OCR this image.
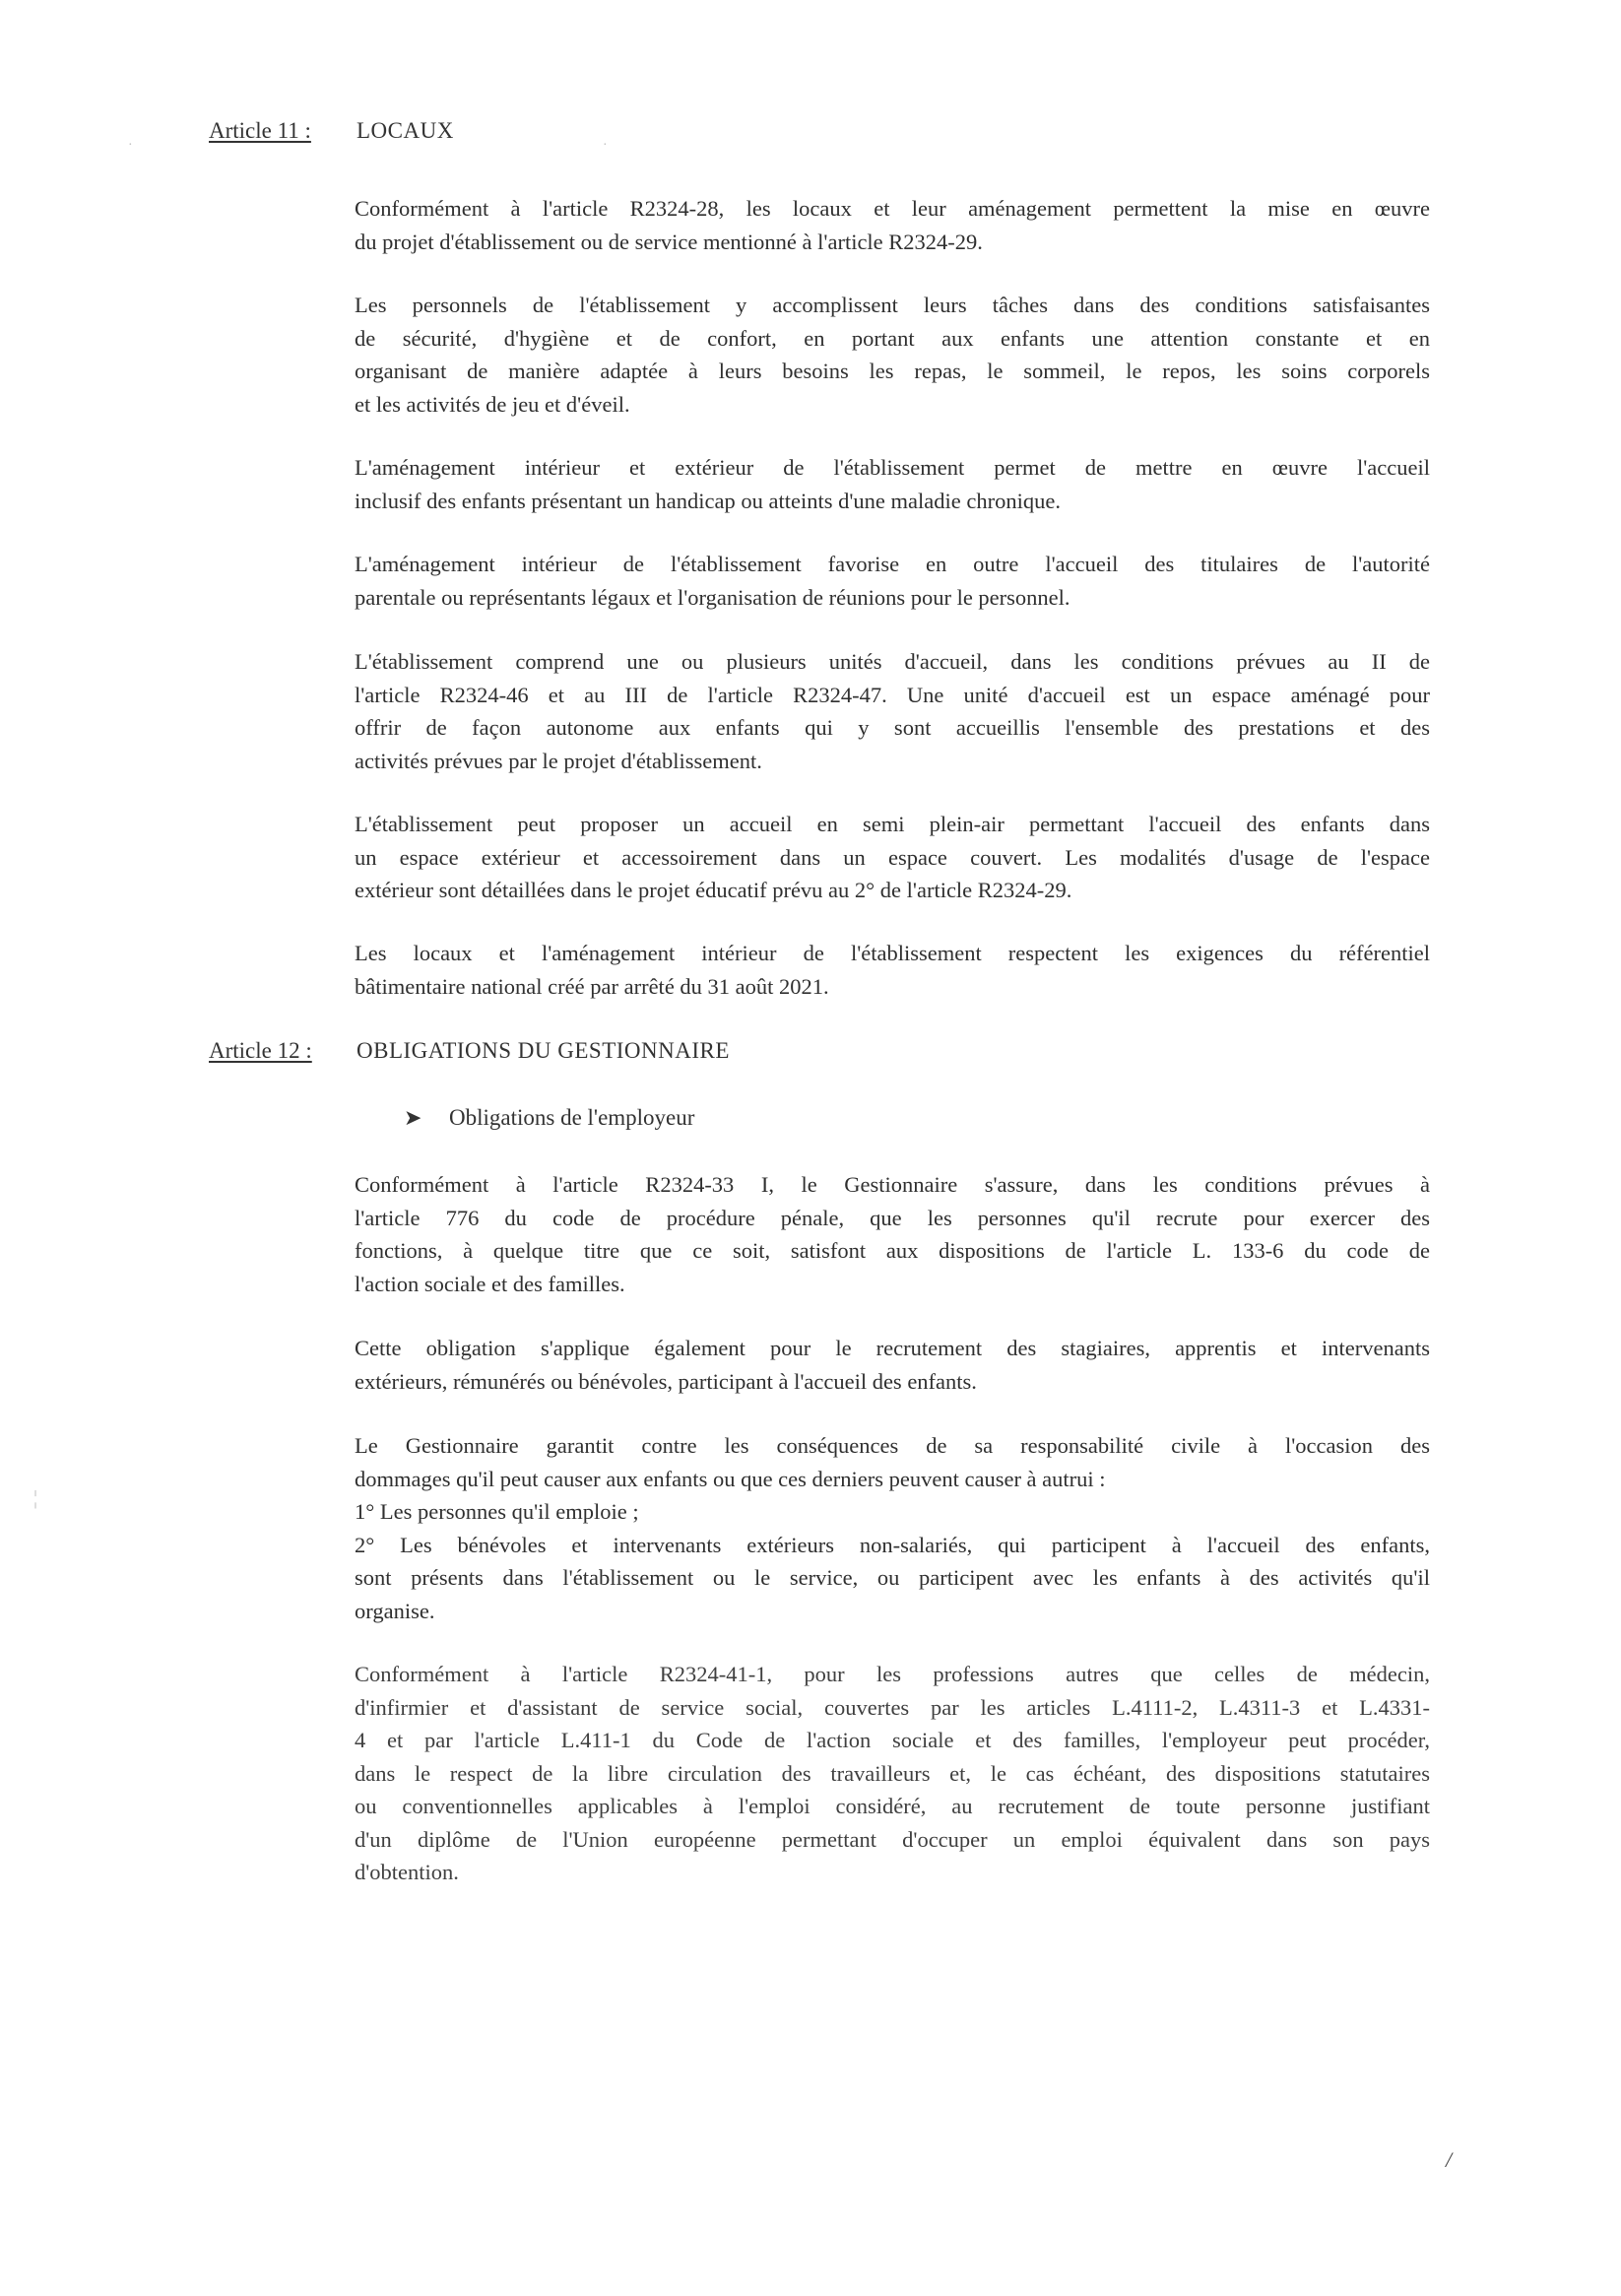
Article 11 : LOCAUX

Conformément à l'article R2324-28, les locaux et leur aménagement permettent la mise en œuvre
du projet d'établissement ou de service mentionné à l'article R2324-29.

Les personnels de l'établissement y accomplissent leurs tâches dans des conditions satisfaisantes
de sécurité, d'hygiène et de confort, en portant aux enfants une attention constante et en
organisant de manière adaptée à leurs besoins les repas, le sommeil, le repos, les soins corporels
et les activités de jeu et d'éveil.

L'aménagement intérieur et extérieur de l'établissement permet de mettre en œuvre l'accueil
inclusif des enfants présentant un handicap ou atteints d'une maladie chronique.

L'aménagement intérieur de l'établissement favorise en outre l'accueil des titulaires de l'autorité
parentale ou représentants légaux et l'organisation de réunions pour le personnel.

L'établissement comprend une ou plusieurs unités d'accueil, dans les conditions prévues au II de
l'article R2324-46 et au III de l'article R2324-47. Une unité d'accueil est un espace aménagé pour
offrir de façon autonome aux enfants qui y sont accueillis l'ensemble des prestations et des
activités prévues par le projet d'établissement.

L'établissement peut proposer un accueil en semi plein-air permettant l'accueil des enfants dans
un espace extérieur et accessoirement dans un espace couvert. Les modalités d'usage de l'espace
extérieur sont détaillées dans le projet éducatif prévu au 2° de l'article R2324-29.

Les locaux et l'aménagement intérieur de l'établissement respectent les exigences du référentiel
bâtimentaire national créé par arrêté du 31 août 2021.

Article 12 : OBLIGATIONS DU GESTIONNAIRE
➤ Obligations de l'employeur

Conformément à l'article R2324-33 I, le Gestionnaire s'assure, dans les conditions prévues à
l'article 776 du code de procédure pénale, que les personnes qu'il recrute pour exercer des
fonctions, à quelque titre que ce soit, satisfont aux dispositions de l'article L. 133-6 du code de
l'action sociale et des familles.

Cette obligation s'applique également pour le recrutement des stagiaires, apprentis et intervenants
extérieurs, rémunérés ou bénévoles, participant à l'accueil des enfants.

Le Gestionnaire garantit contre les conséquences de sa responsabilité civile à l'occasion des
dommages qu'il peut causer aux enfants ou que ces derniers peuvent causer à autrui :
1° Les personnes qu'il emploie ;
2° Les bénévoles et intervenants extérieurs non-salariés, qui participent à l'accueil des enfants,
sont présents dans l'établissement ou le service, ou participent avec les enfants à des activités qu'il
organise.

Conformément à l'article R2324-41-1, pour les professions autres que celles de médecin,
d'infirmier et d'assistant de service social, couvertes par les articles L.4111-2, L.4311-3 et L.4331-
4 et par l'article L.411-1 du Code de l'action sociale et des familles, l'employeur peut procéder,
dans le respect de la libre circulation des travailleurs et, le cas échéant, des dispositions statutaires
ou conventionnelles applicables à l'emploi considéré, au recrutement de toute personne justifiant
d'un diplôme de l'Union européenne permettant d'occuper un emploi équivalent dans son pays
d'obtention.

·	·
¦
/
